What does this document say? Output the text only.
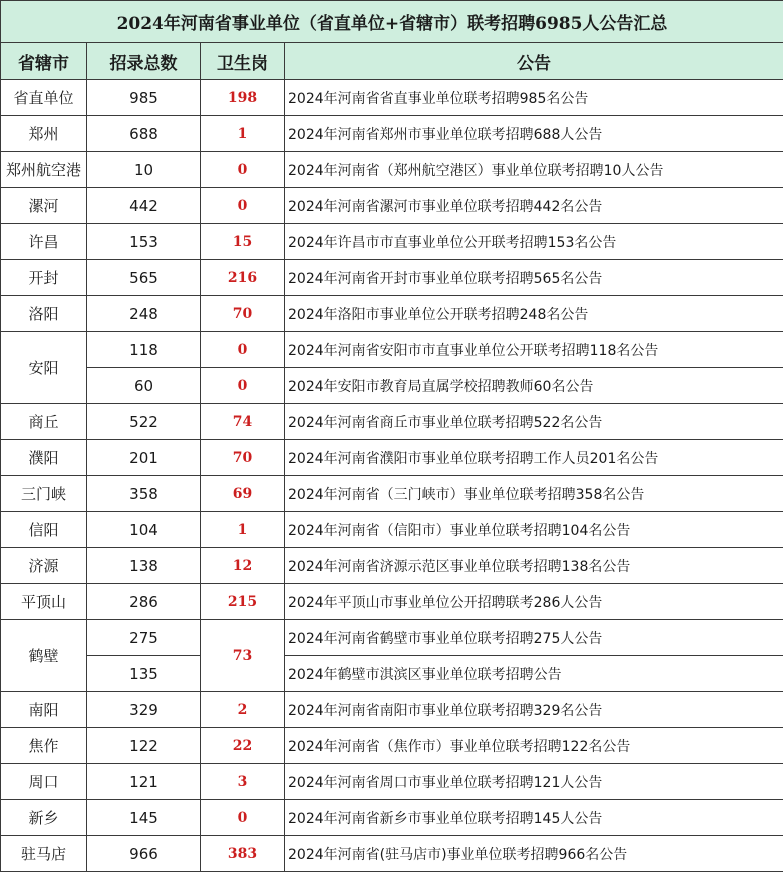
2024年河南省事业单位（省直单位+省辖市）联考招聘6985人公告汇总			
省辖市	招录总数	卫生岗	公告
省直单位	985	198	2024年河南省省直事业单位联考招聘985名公告
郑州	688	1	2024年河南省郑州市事业单位联考招聘688人公告
郑州航空港	10	0	2024年河南省（郑州航空港区）事业单位联考招聘10人公告
漯河	442	0	2024年河南省漯河市事业单位联考招聘442名公告
许昌	153	15	2024年许昌市市直事业单位公开联考招聘153名公告
开封	565	216	2024年河南省开封市事业单位联考招聘565名公告
洛阳	248	70	2024年洛阳市事业单位公开联考招聘248名公告
安阳	118	0	2024年河南省安阳市市直事业单位公开联考招聘118名公告
	60	0	2024年安阳市教育局直属学校招聘教师60名公告
商丘	522	74	2024年河南省商丘市事业单位联考招聘522名公告
濮阳	201	70	2024年河南省濮阳市事业单位联考招聘工作人员201名公告
三门峡	358	69	2024年河南省（三门峡市）事业单位联考招聘358名公告
信阳	104	1	2024年河南省（信阳市）事业单位联考招聘104名公告
济源	138	12	2024年河南省济源示范区事业单位联考招聘138名公告
平顶山	286	215	2024年平顶山市事业单位公开招聘联考286人公告
鹤壁	275	73	2024年河南省鹤壁市事业单位联考招聘275人公告
	135		2024年鹤壁市淇滨区事业单位联考招聘公告
南阳	329	2	2024年河南省南阳市事业单位联考招聘329名公告
焦作	122	22	2024年河南省（焦作市）事业单位联考招聘122名公告
周口	121	3	2024年河南省周口市事业单位联考招聘121人公告
新乡	145	0	2024年河南省新乡市事业单位联考招聘145人公告
驻马店	966	383	2024年河南省(驻马店市)事业单位联考招聘966名公告
